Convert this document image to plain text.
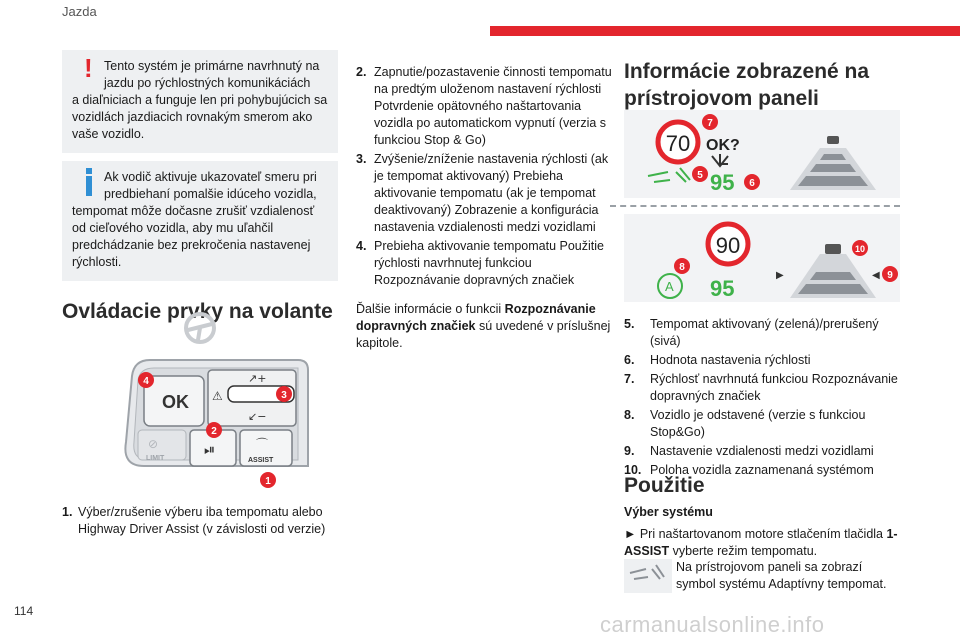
Jazda
! Tento systém je primárne navrhnutý na jazdu po rýchlostných komunikáciách a diaľniciach a funguje len pri pohybujúcich sa vozidlách jazdiacich rovnakým smerom ako vaše vozidlo.
Ak vodič aktivuje ukazovateľ smeru pri predbiehaní pomalšie idúceho vozidla, tempomat môže dočasne zrušiť vzdialenosť od cieľového vozidla, aby mu uľahčil predchádzanie bez prekročenia nastavenej rýchlosti.
Ovládacie prvky na volante
OK
↗+
↙−
⚠
LIMIT
⊘	⏯	⌒
ASSIST
4
3
2
1
1. Výber/zrušenie výberu iba tempomatu alebo Highway Driver Assist (v závislosti od verzie)
2. Zapnutie/pozastavenie činnosti tempomatu na predtým uloženom nastavení rýchlosti Potvrdenie opätovného naštartovania vozidla po automatickom vypnutí (verzia s funkciou Stop & Go)
3. Zvýšenie/zníženie nastavenia rýchlosti (ak je tempomat aktivovaný) Prebieha aktivovanie tempomatu (ak je tempomat deaktivovaný) Zobrazenie a konfigurácia nastavenia vzdialenosti medzi vozidlami
4. Prebieha aktivovanie tempomatu Použitie rýchlosti navrhnutej funkciou Rozpoznávanie dopravných značiek
Ďalšie informácie o funkcii Rozpoznávanie dopravných značiek sú uvedené v príslušnej kapitole.
Informácie zobrazené na prístrojovom paneli
70 OK?
95
7
5
6
90
A 95
▶	◀
8
10
9
5.	Tempomat aktivovaný (zelená)/prerušený (sivá)
6.	Hodnota nastavenia rýchlosti
7.	Rýchlosť navrhnutá funkciou Rozpoznávanie dopravných značiek
8.	Vozidlo je odstavené (verzie s funkciou Stop&Go)
9.	Nastavenie vzdialenosti medzi vozidlami
10. Poloha vozidla zaznamenaná systémom
Použitie
Výber systému
► Pri naštartovanom motore stlačením tlačidla 1-ASSIST vyberte režim tempomatu.
Na prístrojovom paneli sa zobrazí symbol systému Adaptívny tempomat.
114
carmanualsonline.info
